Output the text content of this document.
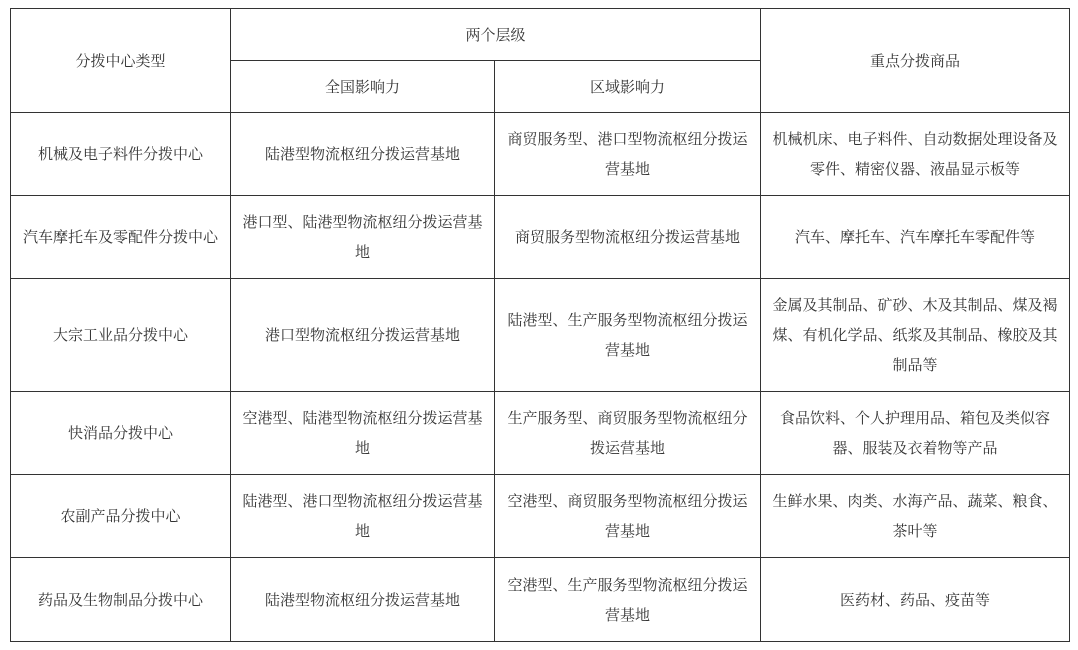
分拨中心类型	两个层级		重点分拨商品
	全国影响力	区域影响力	
机械及电子料件分拨中心	陆港型物流枢纽分拨运营基地	商贸服务型、港口型物流枢纽分拨运营基地	机械机床、电子料件、自动数据处理设备及零件、精密仪器、液晶显示板等
汽车摩托车及零配件分拨中心	港口型、陆港型物流枢纽分拨运营基地	商贸服务型物流枢纽分拨运营基地	汽车、摩托车、汽车摩托车零配件等
大宗工业品分拨中心	港口型物流枢纽分拨运营基地	陆港型、生产服务型物流枢纽分拨运营基地	金属及其制品、矿砂、木及其制品、煤及褐煤、有机化学品、纸浆及其制品、橡胶及其制品等
快消品分拨中心	空港型、陆港型物流枢纽分拨运营基地	生产服务型、商贸服务型物流枢纽分拨运营基地	食品饮料、个人护理用品、箱包及类似容器、服装及衣着物等产品
农副产品分拨中心	陆港型、港口型物流枢纽分拨运营基地	空港型、商贸服务型物流枢纽分拨运营基地	生鲜水果、肉类、水海产品、蔬菜、粮食、茶叶等
药品及生物制品分拨中心	陆港型物流枢纽分拨运营基地	空港型、生产服务型物流枢纽分拨运营基地	医药材、药品、疫苗等
